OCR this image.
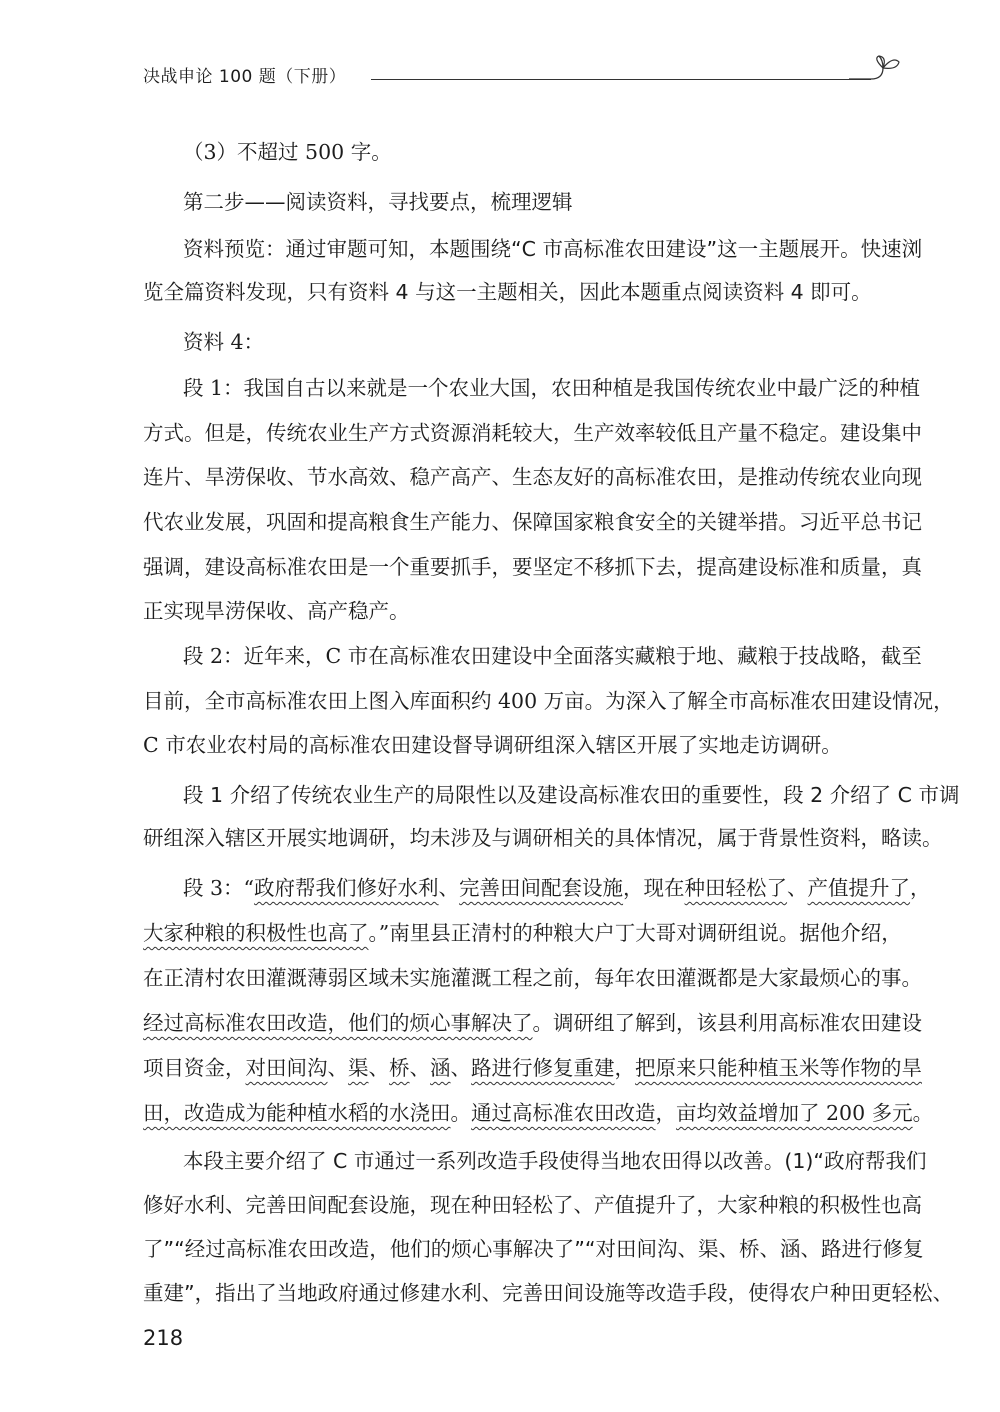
决战申论 100 题（下册）
（3）不超过 500 字。
第二步——阅读资料，寻找要点，梳理逻辑
资料预览：通过审题可知，本题围绕“C 市高标准农田建设”这一主题展开。快速浏
览全篇资料发现，只有资料 4 与这一主题相关，因此本题重点阅读资料 4 即可。
资料 4：
段 1：我国自古以来就是一个农业大国，农田种植是我国传统农业中最广泛的种植
方式。但是，传统农业生产方式资源消耗较大，生产效率较低且产量不稳定。建设集中
连片、旱涝保收、节水高效、稳产高产、生态友好的高标准农田，是推动传统农业向现
代农业发展，巩固和提高粮食生产能力、保障国家粮食安全的关键举措。习近平总书记
强调，建设高标准农田是一个重要抓手，要坚定不移抓下去，提高建设标准和质量，真
正实现旱涝保收、高产稳产。
段 2：近年来，C 市在高标准农田建设中全面落实藏粮于地、藏粮于技战略，截至
目前，全市高标准农田上图入库面积约 400 万亩。为深入了解全市高标准农田建设情况，
C 市农业农村局的高标准农田建设督导调研组深入辖区开展了实地走访调研。
段 1 介绍了传统农业生产的局限性以及建设高标准农田的重要性，段 2 介绍了 C 市调
研组深入辖区开展实地调研，均未涉及与调研相关的具体情况，属于背景性资料，略读。
段 3：“政府帮我们修好水利、完善田间配套设施，现在种田轻松了、产值提升了，
大家种粮的积极性也高了。”南里县正清村的种粮大户丁大哥对调研组说。据他介绍，
在正清村农田灌溉薄弱区域未实施灌溉工程之前，每年农田灌溉都是大家最烦心的事。
经过高标准农田改造，他们的烦心事解决了。调研组了解到，该县利用高标准农田建设
项目资金，对田间沟、渠、桥、涵、路进行修复重建，把原来只能种植玉米等作物的旱
田，改造成为能种植水稻的水浇田。通过高标准农田改造，亩均效益增加了 200 多元。
本段主要介绍了 C 市通过一系列改造手段使得当地农田得以改善。(1)“政府帮我们
修好水利、完善田间配套设施，现在种田轻松了、产值提升了，大家种粮的积极性也高
了”“经过高标准农田改造，他们的烦心事解决了”“对田间沟、渠、桥、涵、路进行修复
重建”，指出了当地政府通过修建水利、完善田间设施等改造手段，使得农户种田更轻松、
218
